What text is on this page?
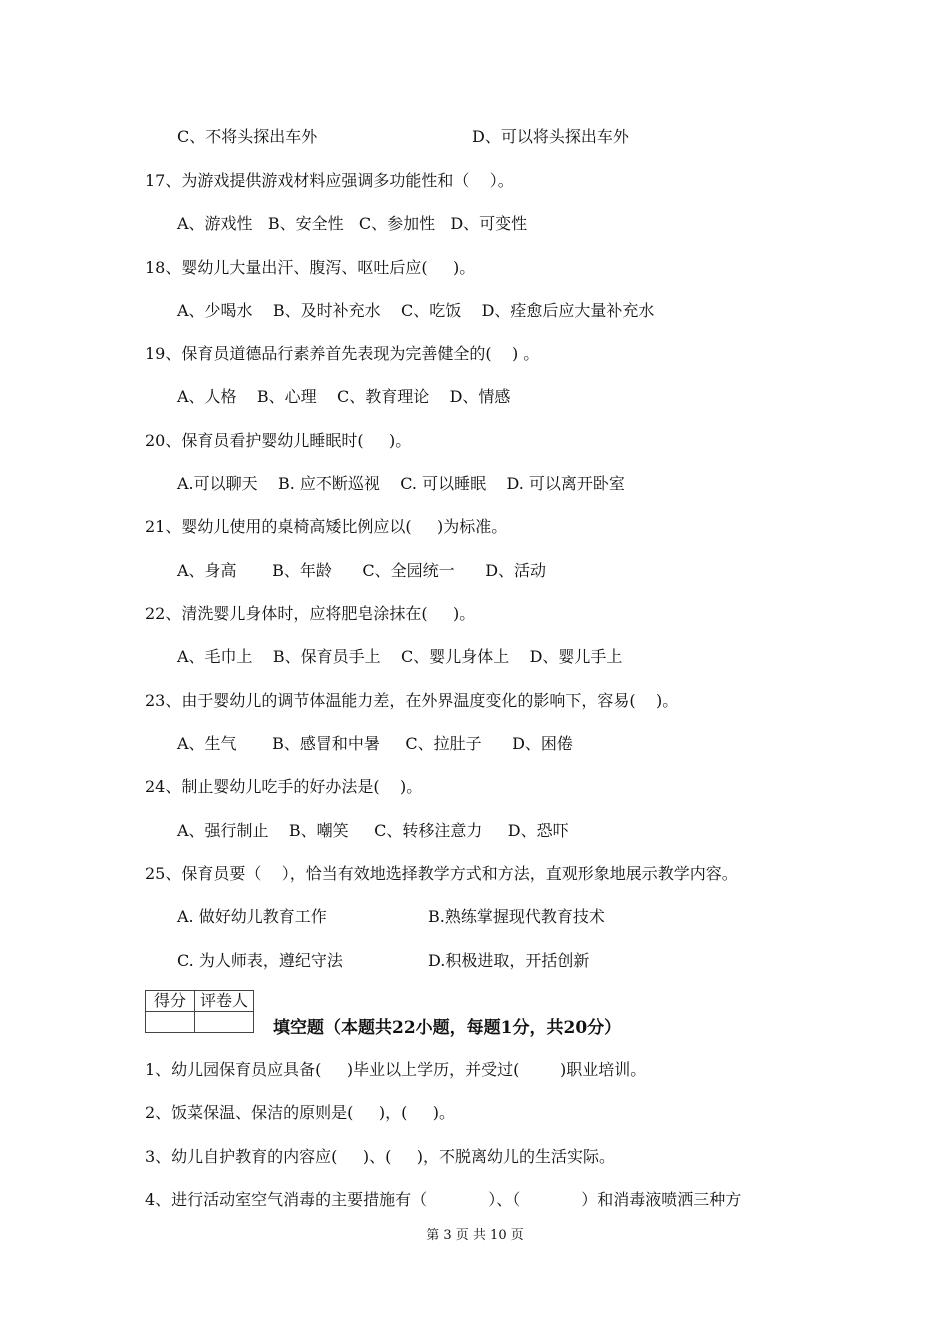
C、不将头探出车外	D、可以将头探出车外
17、为游戏提供游戏材料应强调多功能性和（    ）。
A、游戏性   B、安全性   C、参加性   D、可变性
18、婴幼儿大量出汗、腹泻、呕吐后应(     )。
A、少喝水    B、及时补充水    C、吃饭    D、痊愈后应大量补充水
19、保育员道德品行素养首先表现为完善健全的(    ) 。
A、人格    B、心理    C、教育理论    D、情感
20、保育员看护婴幼儿睡眠时(     )。
A.可以聊天    B. 应不断巡视    C. 可以睡眠    D. 可以离开卧室
21、婴幼儿使用的桌椅高矮比例应以(     )为标准。
A、身高       B、年龄      C、全园统一      D、活动
22、清洗婴儿身体时，应将肥皂涂抹在(     )。
A、毛巾上    B、保育员手上    C、婴儿身体上    D、婴儿手上
23、由于婴幼儿的调节体温能力差，在外界温度变化的影响下，容易(    )。
A、生气       B、感冒和中暑     C、拉肚子      D、困倦
24、制止婴幼儿吃手的好办法是(    )。
A、强行制止    B、嘲笑     C、转移注意力     D、恐吓
25、保育员要（    ），恰当有效地选择教学方式和方法，直观形象地展示教学内容。
A. 做好幼儿教育工作	B.熟练掌握现代教育技术
C. 为人师表，遵纪守法	D.积极进取，开括创新
得分	评卷人

填空题（本题共22小题，每题1分，共20分）
1、幼儿园保育员应具备(     )毕业以上学历，并受过(        )职业培训。
2、饭菜保温、保洁的原则是(     )，(     )。
3、幼儿自护教育的内容应(     )、(     )，不脱离幼儿的生活实际。
4、进行活动室空气消毒的主要措施有（            ）、（            ）和消毒液喷洒三种方
第 3 页 共 10 页
